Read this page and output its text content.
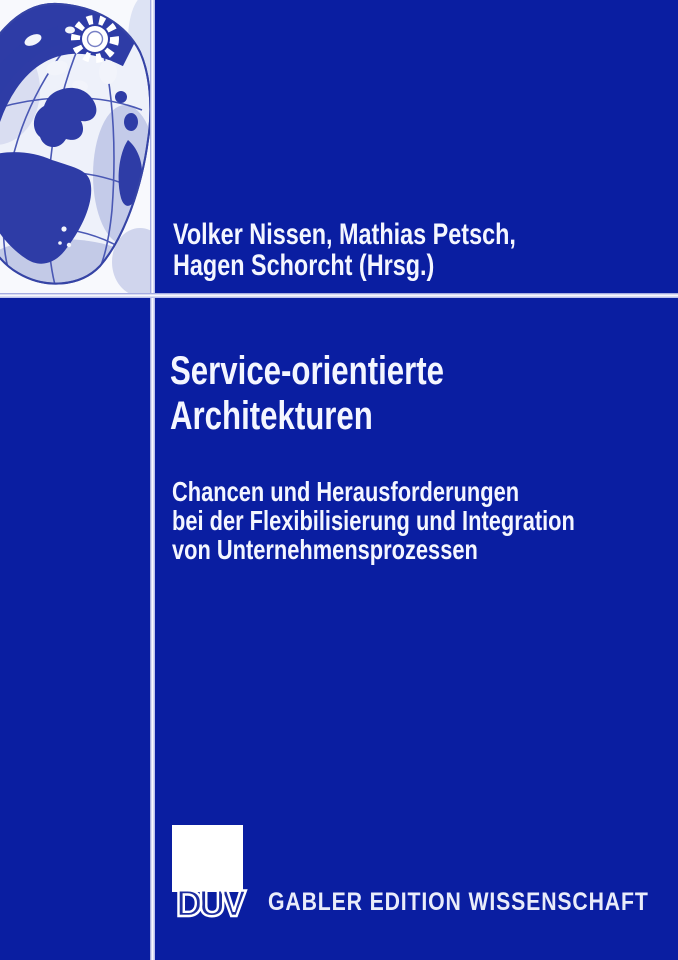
Volker Nissen, Mathias Petsch,
Hagen Schorcht (Hrsg.)
Service-orientierte
Architekturen
Chancen und Herausforderungen
bei der Flexibilisierung und Integration
von Unternehmensprozessen
DUV GABLER EDITION WISSENSCHAFT
